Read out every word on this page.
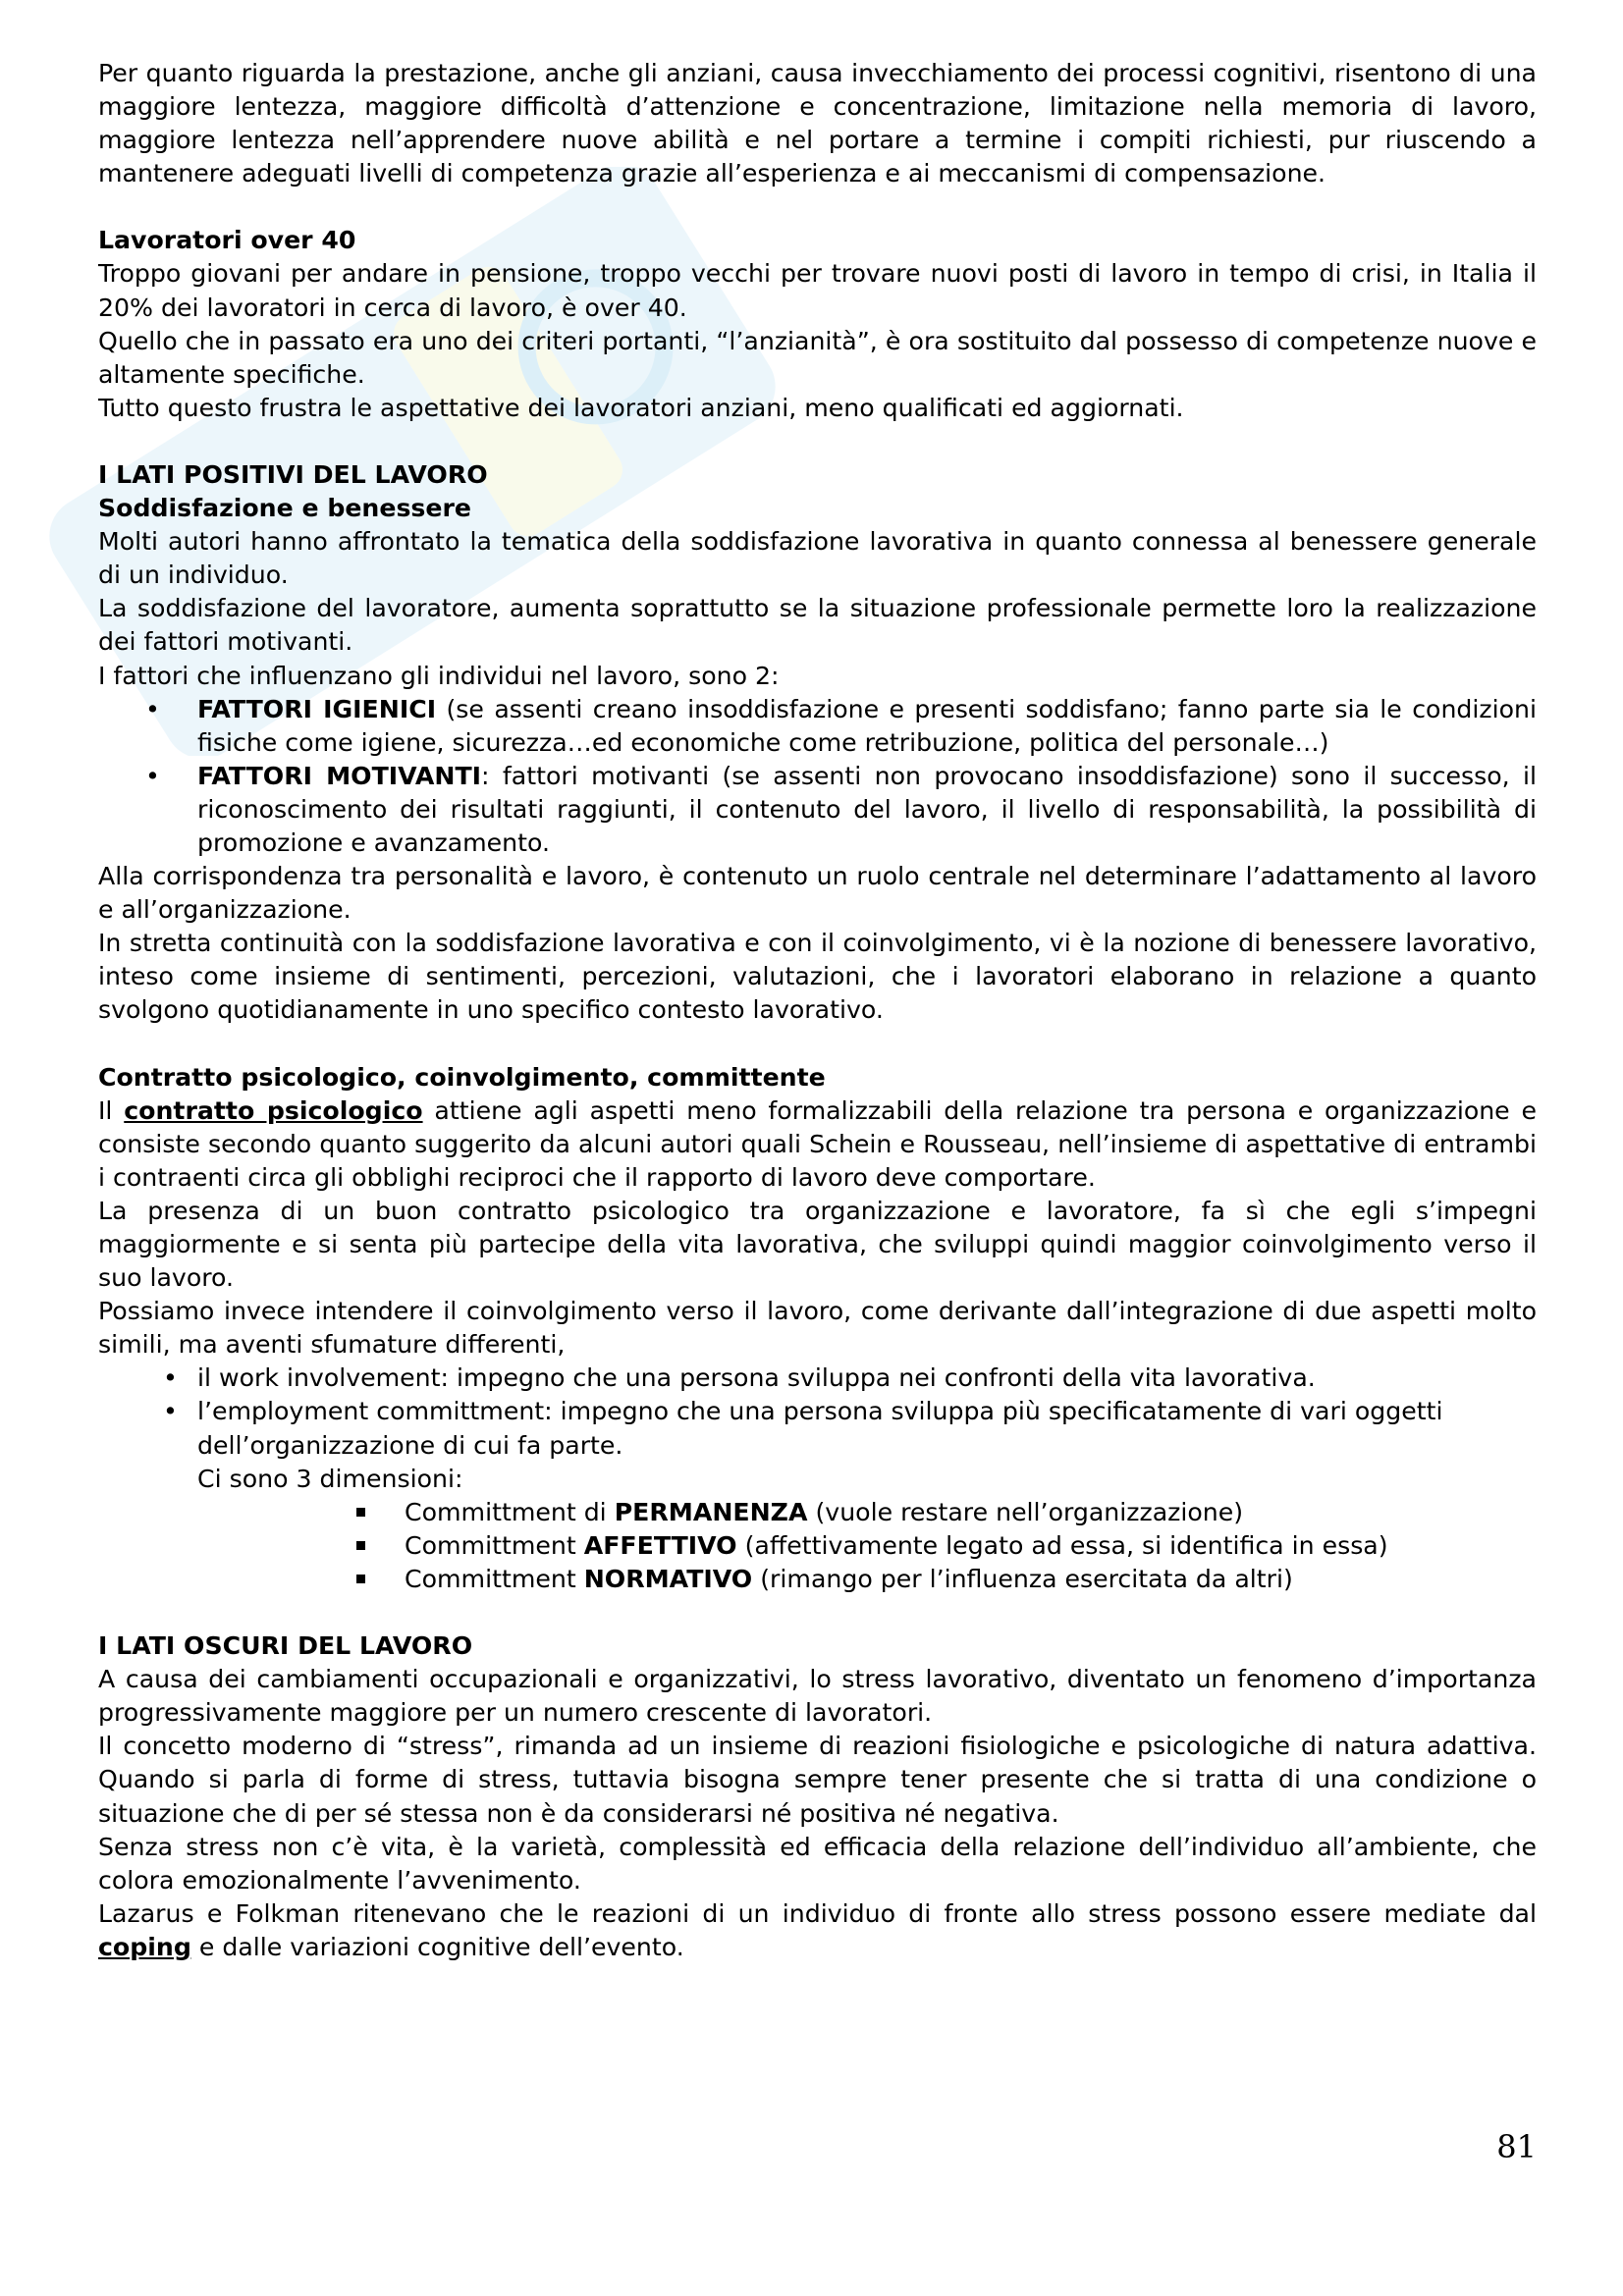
Per quanto riguarda la prestazione, anche gli anziani, causa invecchiamento dei processi cognitivi, risentono di una maggiore lentezza, maggiore difficoltà d’attenzione e concentrazione, limitazione nella memoria di lavoro, maggiore lentezza nell’apprendere nuove abilità e nel portare a termine i compiti richiesti, pur riuscendo a mantenere adeguati livelli di competenza grazie all’esperienza e ai meccanismi di compensazione.

Lavoratori over 40

Troppo giovani per andare in pensione, troppo vecchi per trovare nuovi posti di lavoro in tempo di crisi, in Italia il 20% dei lavoratori in cerca di lavoro, è over 40.

Quello che in passato era uno dei criteri portanti, “l’anzianità”, è ora sostituito dal possesso di competenze nuove e altamente specifiche.

Tutto questo frustra le aspettative dei lavoratori anziani, meno qualificati ed aggiornati.

I LATI POSITIVI DEL LAVORO
Soddisfazione e benessere

Molti autori hanno affrontato la tematica della soddisfazione lavorativa in quanto connessa al benessere generale di un individuo.

La soddisfazione del lavoratore, aumenta soprattutto se la situazione professionale permette loro la realizzazione dei fattori motivanti.

I fattori che influenzano gli individui nel lavoro, sono 2:

• FATTORI IGIENICI (se assenti creano insoddisfazione e presenti soddisfano; fanno parte sia le condizioni fisiche come igiene, sicurezza…ed economiche come retribuzione, politica del personale…)
• FATTORI MOTIVANTI: fattori motivanti (se assenti non provocano insoddisfazione) sono il successo, il riconoscimento dei risultati raggiunti, il contenuto del lavoro, il livello di responsabilità, la possibilità di promozione e avanzamento.

Alla corrispondenza tra personalità e lavoro, è contenuto un ruolo centrale nel determinare l’adattamento al lavoro e all’organizzazione.

In stretta continuità con la soddisfazione lavorativa e con il coinvolgimento, vi è la nozione di benessere lavorativo, inteso come insieme di sentimenti, percezioni, valutazioni, che i lavoratori elaborano in relazione a quanto svolgono quotidianamente in uno specifico contesto lavorativo.

Contratto psicologico, coinvolgimento, committente

Il contratto psicologico attiene agli aspetti meno formalizzabili della relazione tra persona e organizzazione e consiste secondo quanto suggerito da alcuni autori quali Schein e Rousseau, nell’insieme di aspettative di entrambi i contraenti circa gli obblighi reciproci che il rapporto di lavoro deve comportare.

La presenza di un buon contratto psicologico tra organizzazione e lavoratore, fa sì che egli s’impegni maggiormente e si senta più partecipe della vita lavorativa, che sviluppi quindi maggior coinvolgimento verso il suo lavoro.

Possiamo invece intendere il coinvolgimento verso il lavoro, come derivante dall’integrazione di due aspetti molto simili, ma aventi sfumature differenti,

• il work involvement: impegno che una persona sviluppa nei confronti della vita lavorativa.
• l’employment committment: impegno che una persona sviluppa più specificatamente di vari oggetti dell’organizzazione di cui fa parte.
Ci sono 3 dimensioni:
Committment di PERMANENZA (vuole restare nell’organizzazione)
Committment AFFETTIVO (affettivamente legato ad essa, si identifica in essa)
Committment NORMATIVO (rimango per l’influenza esercitata da altri)
I LATI OSCURI DEL LAVORO

A causa dei cambiamenti occupazionali e organizzativi, lo stress lavorativo, diventato un fenomeno d’importanza progressivamente maggiore per un numero crescente di lavoratori.

Il concetto moderno di “stress”, rimanda ad un insieme di reazioni fisiologiche e psicologiche di natura adattiva. Quando si parla di forme di stress, tuttavia bisogna sempre tener presente che si tratta di una condizione o situazione che di per sé stessa non è da considerarsi né positiva né negativa.

Senza stress non c’è vita, è la varietà, complessità ed efficacia della relazione dell’individuo all’ambiente, che colora emozionalmente l’avvenimento.

Lazarus e Folkman ritenevano che le reazioni di un individuo di fronte allo stress possono essere mediate dal coping e dalle variazioni cognitive dell’evento.

81
